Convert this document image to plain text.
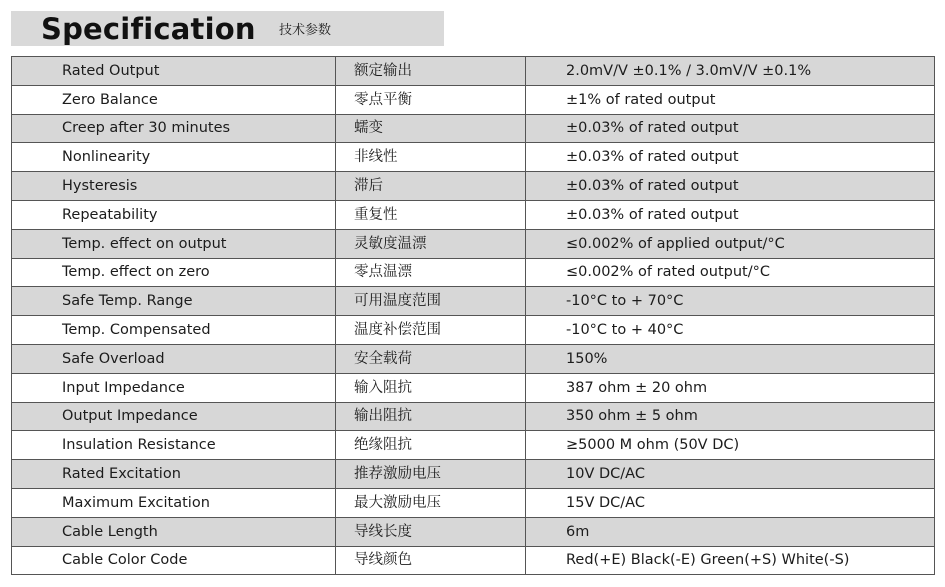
Specification 技术参数
Rated Output	额定输出	2.0mV/V ±0.1% / 3.0mV/V ±0.1%
Zero Balance	零点平衡	±1% of rated output
Creep after 30 minutes	蠕变	±0.03% of rated output
Nonlinearity	非线性	±0.03% of rated output
Hysteresis	滞后	±0.03% of rated output
Repeatability	重复性	±0.03% of rated output
Temp. effect on output	灵敏度温漂	≤0.002% of applied output/°C
Temp. effect on zero	零点温漂	≤0.002% of rated output/°C
Safe Temp. Range	可用温度范围	-10°C to + 70°C
Temp. Compensated	温度补偿范围	-10°C to + 40°C
Safe Overload	安全载荷	150%
Input Impedance	输入阻抗	387 ohm ± 20 ohm
Output Impedance	输出阻抗	350 ohm ± 5 ohm
Insulation Resistance	绝缘阻抗	≥5000 M ohm (50V DC)
Rated Excitation	推荐激励电压	10V DC/AC
Maximum Excitation	最大激励电压	15V DC/AC
Cable Length	导线长度	6m
Cable Color Code	导线颜色	Red(+E) Black(-E) Green(+S) White(-S)
